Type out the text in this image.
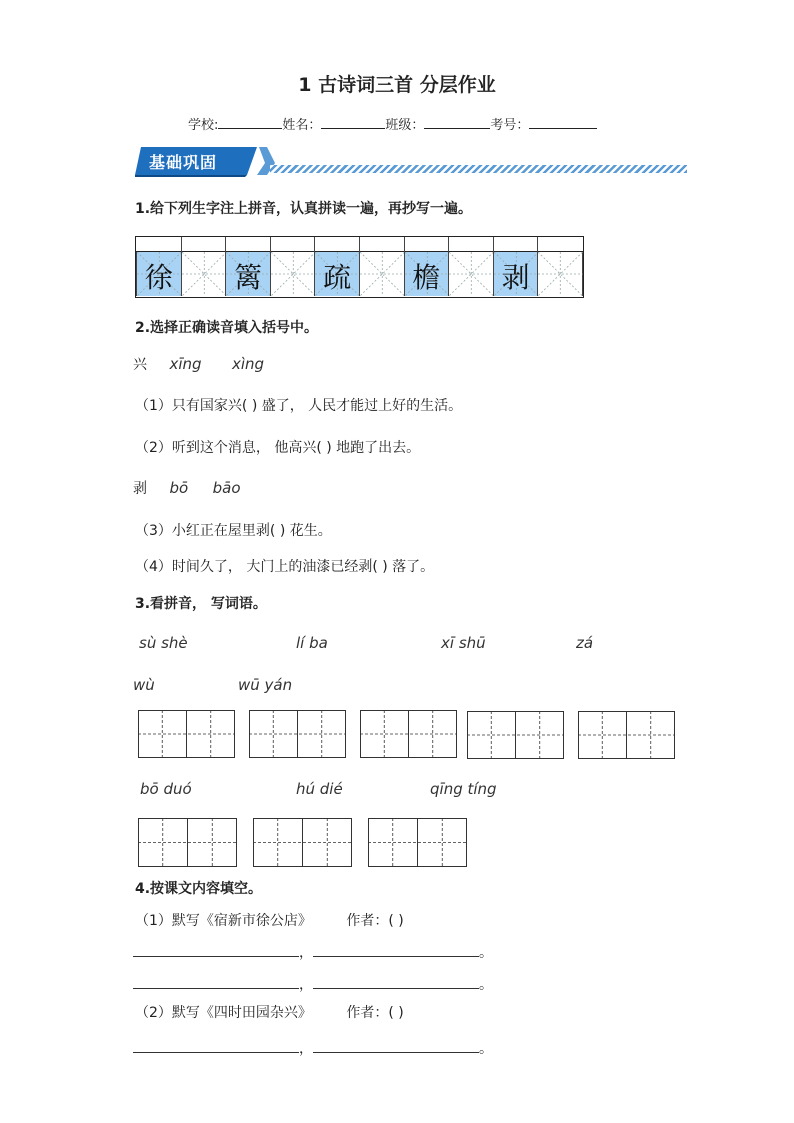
1 古诗词三首 分层作业
学校:	姓名：	班级：	考号：
基础巩固
1.给下列生字注上拼音，认真拼读一遍，再抄写一遍。
徐 篱 疏 檐 剥
2.选择正确读音填入括号中。
兴 xīng xìng
（1）只有国家兴( ) 盛了， 人民才能过上好的生活。
（2）听到这个消息， 他高兴( ) 地跑了出去。
剥 bō bāo
（3）小红正在屋里剥( ) 花生。
（4）时间久了， 大门上的油漆已经剥( ) 落了。
3.看拼音， 写词语。
sù shè	lí ba	xī shū	zá
wù	wū yán
bō duó	hú dié	qīng tíng
4.按课文内容填空。
（1）默写《宿新市徐公店》 作者：( )
，	。
，	。
（2）默写《四时田园杂兴》 作者：( )
，	。
